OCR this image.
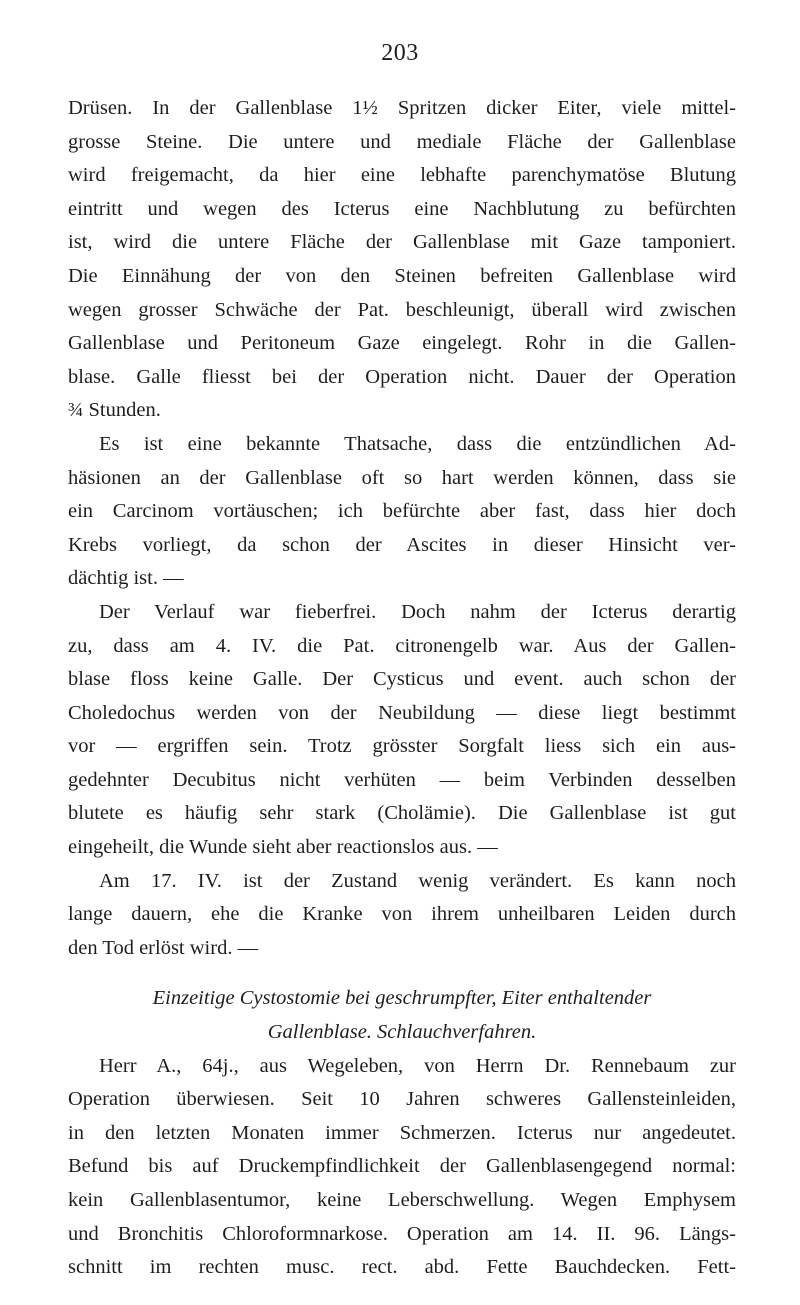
203
Drüsen. In der Gallenblase 1½ Spritzen dicker Eiter, viele mittel-
grosse Steine. Die untere und mediale Fläche der Gallenblase
wird freigemacht, da hier eine lebhafte parenchymatöse Blutung
eintritt und wegen des Icterus eine Nachblutung zu befürchten
ist, wird die untere Fläche der Gallenblase mit Gaze tamponiert.
Die Einnähung der von den Steinen befreiten Gallenblase wird
wegen grosser Schwäche der Pat. beschleunigt, überall wird zwischen
Gallenblase und Peritoneum Gaze eingelegt. Rohr in die Gallen-
blase. Galle fliesst bei der Operation nicht. Dauer der Operation
¾ Stunden.
Es ist eine bekannte Thatsache, dass die entzündlichen Ad-
häsionen an der Gallenblase oft so hart werden können, dass sie
ein Carcinom vortäuschen; ich befürchte aber fast, dass hier doch
Krebs vorliegt, da schon der Ascites in dieser Hinsicht ver-
dächtig ist. —
Der Verlauf war fieberfrei. Doch nahm der Icterus derartig
zu, dass am 4. IV. die Pat. citronengelb war. Aus der Gallen-
blase floss keine Galle. Der Cysticus und event. auch schon der
Choledochus werden von der Neubildung — diese liegt bestimmt
vor — ergriffen sein. Trotz grösster Sorgfalt liess sich ein aus-
gedehnter Decubitus nicht verhüten — beim Verbinden desselben
blutete es häufig sehr stark (Cholämie). Die Gallenblase ist gut
eingeheilt, die Wunde sieht aber reactionslos aus. —
Am 17. IV. ist der Zustand wenig verändert. Es kann noch
lange dauern, ehe die Kranke von ihrem unheilbaren Leiden durch
den Tod erlöst wird. —
Einzeitige Cystostomie bei geschrumpfter, Eiter enthaltender
Gallenblase. Schlauchverfahren.
Herr A., 64j., aus Wegeleben, von Herrn Dr. Rennebaum zur
Operation überwiesen. Seit 10 Jahren schweres Gallensteinleiden,
in den letzten Monaten immer Schmerzen. Icterus nur angedeutet.
Befund bis auf Druckempfindlichkeit der Gallenblasengegend normal:
kein Gallenblasentumor, keine Leberschwellung. Wegen Emphysem
und Bronchitis Chloroformnarkose. Operation am 14. II. 96. Längs-
schnitt im rechten musc. rect. abd. Fette Bauchdecken. Fett-
